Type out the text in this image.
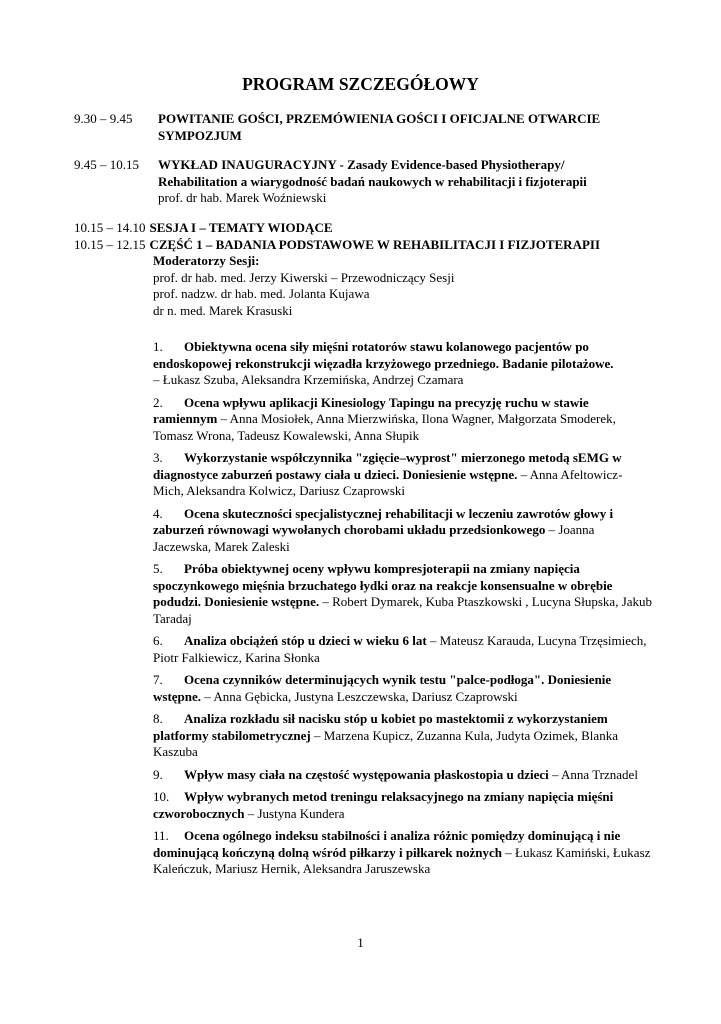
PROGRAM SZCZEGÓŁOWY
9.30 – 9.45 POWITANIE GOŚCI, PRZEMÓWIENIA GOŚCI I OFICJALNE OTWARCIE
SYMPOZJUM
9.45 – 10.15 WYKŁAD INAUGURACYJNY - Zasady Evidence-based Physiotherapy/
Rehabilitation a wiarygodność badań naukowych w rehabilitacji i fizjoterapii
prof. dr hab. Marek Woźniewski
10.15 – 14.10 SESJA I – TEMATY WIODĄCE
10.15 – 12.15 CZĘŚĆ 1 – BADANIA PODSTAWOWE W REHABILITACJI I FIZJOTERAPII
Moderatorzy Sesji:
prof. dr hab. med. Jerzy Kiwerski – Przewodniczący Sesji
prof. nadzw. dr hab. med. Jolanta Kujawa
dr n. med. Marek Krasuski
1. Obiektywna ocena siły mięśni rotatorów stawu kolanowego pacjentów po endoskopowej rekonstrukcji więzadła krzyżowego przedniego. Badanie pilotażowe.
– Łukasz Szuba, Aleksandra Krzemińska, Andrzej Czamara
2. Ocena wpływu aplikacji Kinesiology Tapingu na precyzję ruchu w stawie ramiennym – Anna Mosiołek, Anna Mierzwińska, Ilona Wagner, Małgorzata Smoderek, Tomasz Wrona, Tadeusz Kowalewski, Anna Słupik
3. Wykorzystanie współczynnika "zgięcie–wyprost" mierzonego metodą sEMG w diagnostyce zaburzeń postawy ciała u dzieci. Doniesienie wstępne. – Anna Afeltowicz-Mich, Aleksandra Kolwicz, Dariusz Czaprowski
4. Ocena skuteczności specjalistycznej rehabilitacji w leczeniu zawrotów głowy i zaburzeń równowagi wywołanych chorobami układu przedsionkowego – Joanna Jaczewska, Marek Zaleski
5. Próba obiektywnej oceny wpływu kompresjoterapii na zmiany napięcia spoczynkowego mięśnia brzuchatego łydki oraz na reakcje konsensualne w obrębie podudzi. Doniesienie wstępne. – Robert Dymarek, Kuba Ptaszkowski , Lucyna Słupska, Jakub Taradaj
6. Analiza obciążeń stóp u dzieci w wieku 6 lat – Mateusz Karauda, Lucyna Trzęsimiech, Piotr Falkiewicz, Karina Słonka
7. Ocena czynników determinujących wynik testu "palce-podłoga". Doniesienie wstępne. – Anna Gębicka, Justyna Leszczewska, Dariusz Czaprowski
8. Analiza rozkładu sił nacisku stóp u kobiet po mastektomii z wykorzystaniem platformy stabilometrycznej – Marzena Kupicz, Zuzanna Kula, Judyta Ozimek, Blanka Kaszuba
9. Wpływ masy ciała na częstość występowania płaskostopia u dzieci – Anna Trznadel
10. Wpływ wybranych metod treningu relaksacyjnego na zmiany napięcia mięśni czworobocznych – Justyna Kundera
11. Ocena ogólnego indeksu stabilności i analiza różnic pomiędzy dominującą i nie dominującą kończyną dolną wśród piłkarzy i piłkarek nożnych – Łukasz Kamiński, Łukasz Kaleńczuk, Mariusz Hernik, Aleksandra Jaruszewska
1
